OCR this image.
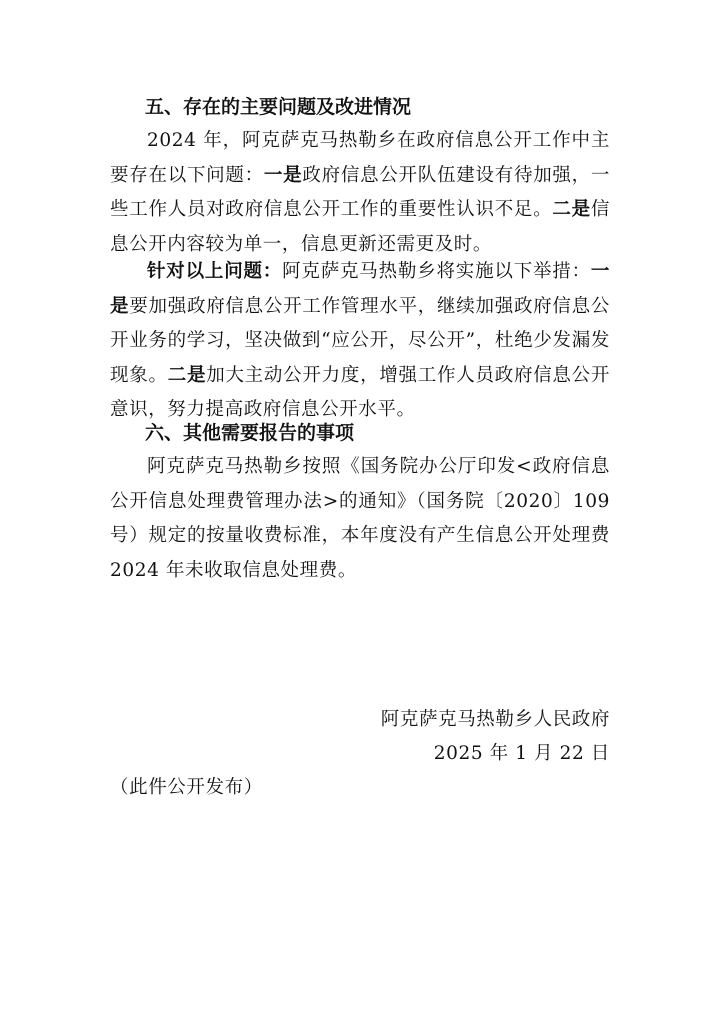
五、存在的主要问题及改进情况
2024 年，阿克萨克马热勒乡在政府信息公开工作中主要存在以下问题：一是政府信息公开队伍建设有待加强，一些工作人员对政府信息公开工作的重要性认识不足。二是信息公开内容较为单一，信息更新还需更及时。
针对以上问题：阿克萨克马热勒乡将实施以下举措：一是要加强政府信息公开工作管理水平，继续加强政府信息公开业务的学习，坚决做到“应公开，尽公开”，杜绝少发漏发现象。二是加大主动公开力度，增强工作人员政府信息公开意识，努力提高政府信息公开水平。
六、其他需要报告的事项
阿克萨克马热勒乡按照《国务院办公厅印发<政府信息公开信息处理费管理办法>的通知》（国务院〔2020〕109 号）规定的按量收费标准，本年度没有产生信息公开处理费 2024 年未收取信息处理费。
阿克萨克马热勒乡人民政府
2025 年 1 月 22 日
（此件公开发布）
